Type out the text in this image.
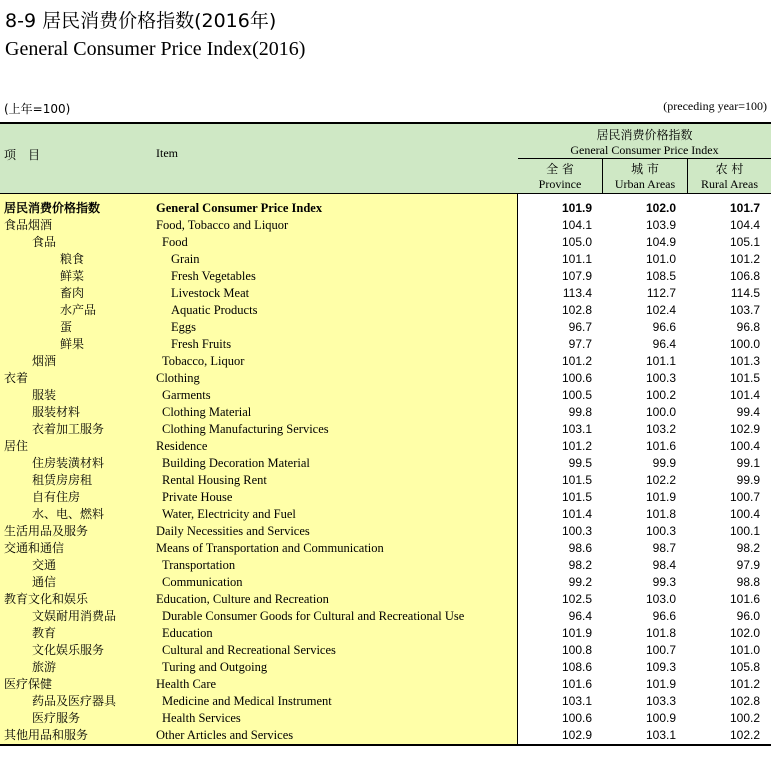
8-9 居民消费价格指数(2016年)
General Consumer Price Index(2016)
(上年=100)	(preceding year=100)
项　目	Item
居民消费价格指数
General Consumer Price Index
全 省
Province
城 市
Urban Areas
农 村
Rural Areas
居民消费价格指数	General Consumer Price Index	101.9	102.0	101.7
食品烟酒	Food, Tobacco and Liquor	104.1	103.9	104.4
食品	Food	105.0	104.9	105.1
粮食	Grain	101.1	101.0	101.2
鲜菜	Fresh Vegetables	107.9	108.5	106.8
畜肉	Livestock Meat	113.4	112.7	114.5
水产品	Aquatic Products	102.8	102.4	103.7
蛋	Eggs	96.7	96.6	96.8
鲜果	Fresh Fruits	97.7	96.4	100.0
烟酒	Tobacco, Liquor	101.2	101.1	101.3
衣着	Clothing	100.6	100.3	101.5
服装	Garments	100.5	100.2	101.4
服装材料	Clothing Material	99.8	100.0	99.4
衣着加工服务	Clothing Manufacturing Services	103.1	103.2	102.9
居住	Residence	101.2	101.6	100.4
住房装潢材料	Building Decoration Material	99.5	99.9	99.1
租赁房房租	Rental Housing Rent	101.5	102.2	99.9
自有住房	Private House	101.5	101.9	100.7
水、电、燃料	Water, Electricity and Fuel	101.4	101.8	100.4
生活用品及服务	Daily Necessities and Services	100.3	100.3	100.1
交通和通信	Means of Transportation and Communication	98.6	98.7	98.2
交通	Transportation	98.2	98.4	97.9
通信	Communication	99.2	99.3	98.8
教育文化和娱乐	Education, Culture and Recreation	102.5	103.0	101.6
文娱耐用消费品	Durable Consumer Goods for Cultural and Recreational Use	96.4	96.6	96.0
教育	Education	101.9	101.8	102.0
文化娱乐服务	Cultural and Recreational Services	100.8	100.7	101.0
旅游	Turing and Outgoing	108.6	109.3	105.8
医疗保健	Health Care	101.6	101.9	101.2
药品及医疗器具	Medicine and Medical Instrument	103.1	103.3	102.8
医疗服务	Health Services	100.6	100.9	100.2
其他用品和服务	Other Articles and Services	102.9	103.1	102.2
